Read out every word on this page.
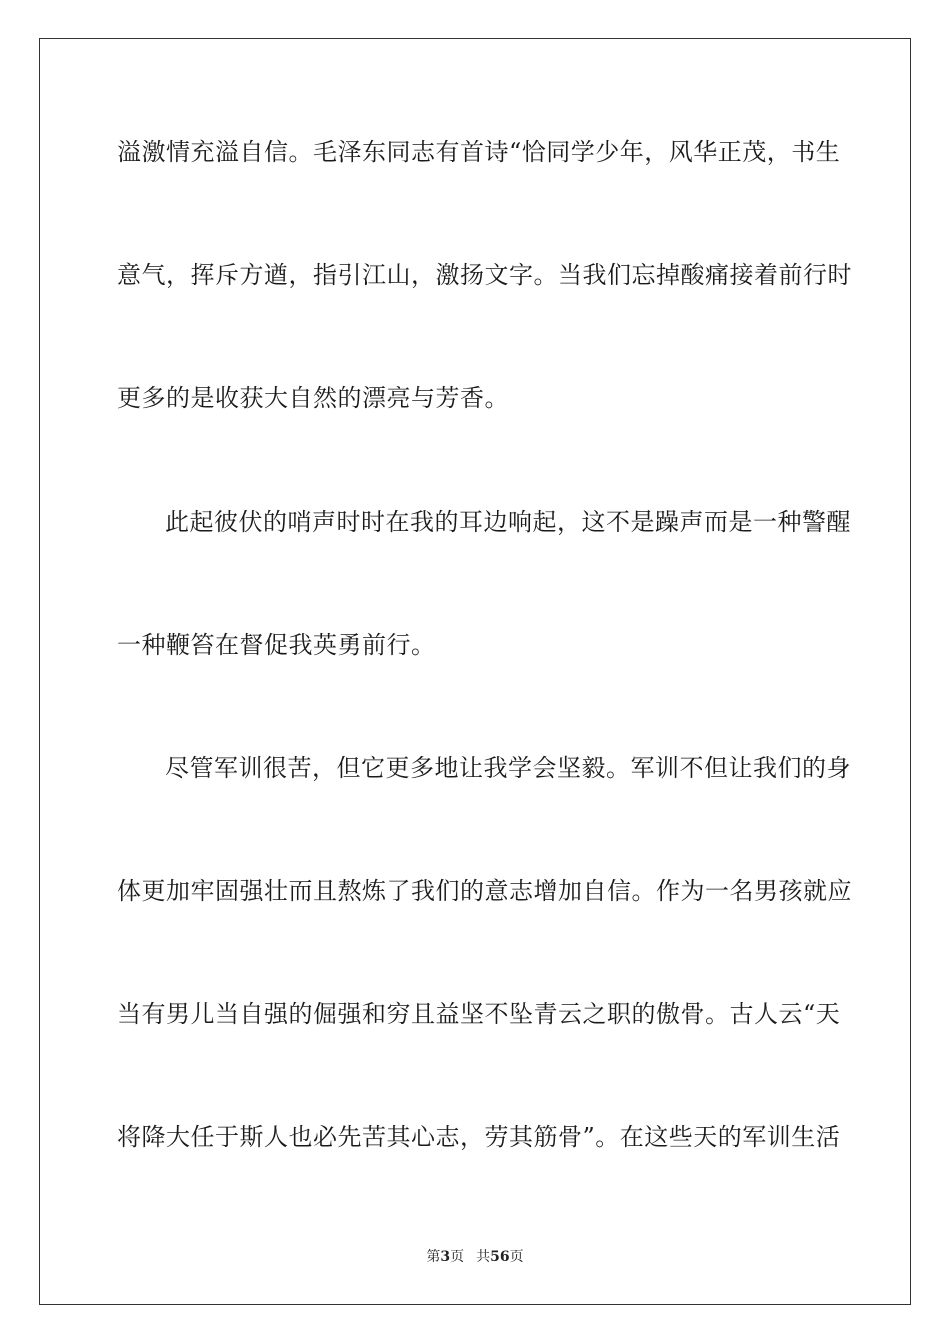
溢激情充溢自信。毛泽东同志有首诗“恰同学少年，风华正茂，书生
意气，挥斥方遒，指引江山，激扬文字。当我们忘掉酸痛接着前行时
更多的是收获大自然的漂亮与芳香。
此起彼伏的哨声时时在我的耳边响起，这不是躁声而是一种警醒
一种鞭笞在督促我英勇前行。
尽管军训很苦，但它更多地让我学会坚毅。军训不但让我们的身
体更加牢固强壮而且熬炼了我们的意志增加自信。作为一名男孩就应
当有男儿当自强的倔强和穷且益坚不坠青云之职的傲骨。古人云“天
将降大任于斯人也必先苦其心志，劳其筋骨”。在这些天的军训生活
第3页 共56页
